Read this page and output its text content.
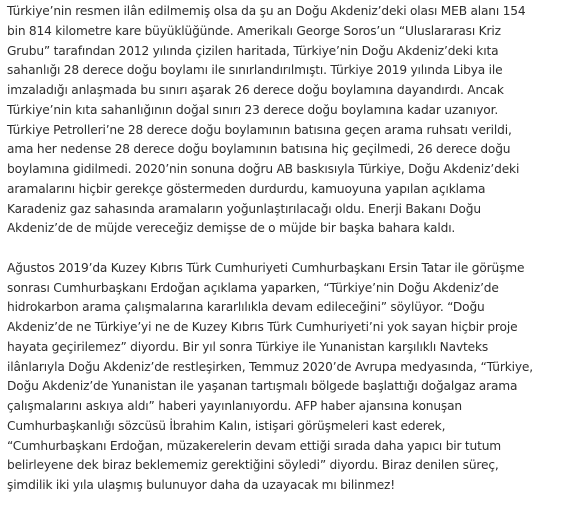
Türkiye’nin resmen ilân edilmemiş olsa da şu an Doğu Akdeniz’deki olası MEB alanı 154
bin 814 kilometre kare büyüklüğünde. Amerikalı George Soros’un “Uluslararası Kriz
Grubu” tarafından 2012 yılında çizilen haritada, Türkiye’nin Doğu Akdeniz’deki kıta
sahanlığı 28 derece doğu boylamı ile sınırlandırılmıştı. Türkiye 2019 yılında Libya ile
imzaladığı anlaşmada bu sınırı aşarak 26 derece doğu boylamına dayandırdı. Ancak
Türkiye’nin kıta sahanlığının doğal sınırı 23 derece doğu boylamına kadar uzanıyor.
Türkiye Petrolleri’ne 28 derece doğu boylamının batısına geçen arama ruhsatı verildi,
ama her nedense 28 derece doğu boylamının batısına hiç geçilmedi, 26 derece doğu
boylamına gidilmedi. 2020’nin sonuna doğru AB baskısıyla Türkiye, Doğu Akdeniz’deki
aramalarını hiçbir gerekçe göstermeden durdurdu, kamuoyuna yapılan açıklama
Karadeniz gaz sahasında aramaların yoğunlaştırılacağı oldu. Enerji Bakanı Doğu
Akdeniz’de de müjde vereceğiz demişse de o müjde bir başka bahara kaldı.

Ağustos 2019’da Kuzey Kıbrıs Türk Cumhuriyeti Cumhurbaşkanı Ersin Tatar ile görüşme
sonrası Cumhurbaşkanı Erdoğan açıklama yaparken, “Türkiye’nin Doğu Akdeniz’de
hidrokarbon arama çalışmalarına kararlılıkla devam edileceğini” söylüyor. “Doğu
Akdeniz’de ne Türkiye’yi ne de Kuzey Kıbrıs Türk Cumhuriyeti’ni yok sayan hiçbir proje
hayata geçirilemez” diyordu. Bir yıl sonra Türkiye ile Yunanistan karşılıklı Navteks
ilânlarıyla Doğu Akdeniz’de restleşirken, Temmuz 2020’de Avrupa medyasında, “Türkiye,
Doğu Akdeniz’de Yunanistan ile yaşanan tartışmalı bölgede başlattığı doğalgaz arama
çalışmalarını askıya aldı” haberi yayınlanıyordu. AFP haber ajansına konuşan
Cumhurbaşkanlığı sözcüsü İbrahim Kalın, istişari görüşmeleri kast ederek,
“Cumhurbaşkanı Erdoğan, müzakerelerin devam ettiği sırada daha yapıcı bir tutum
belirleyene dek biraz beklememiz gerektiğini söyledi” diyordu. Biraz denilen süreç,
şimdilik iki yıla ulaşmış bulunuyor daha da uzayacak mı bilinmez!
